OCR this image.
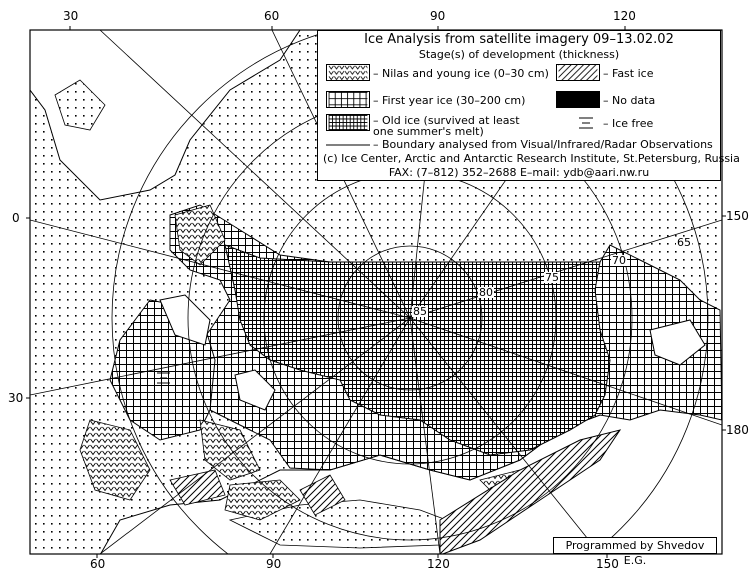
30	60	90	120
60	90	120	150
0
30
150
180
85
80
75
70
65
Ice Analysis from satellite imagery 09–13.02.02
Stage(s) of development (thickness)
– Nilas and young ice (0–30 cm)	– Fast ice
– First year ice (30–200 cm)	– No data
– Old ice (survived at least
one summer's melt)
– Ice free
– Boundary analysed from Visual/Infrared/Radar Observations
(c) Ice Center, Arctic and Antarctic Research Institute, St.Petersburg, Russia
FAX: (7–812) 352–2688 E–mail: ydb@aari.nw.ru
Programmed by Shvedov E.G.
